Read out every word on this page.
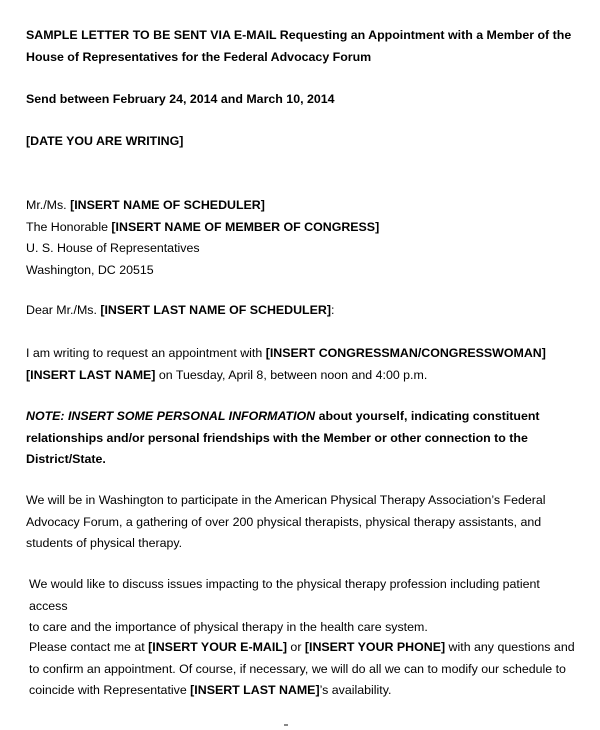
SAMPLE LETTER TO BE SENT VIA E-MAIL Requesting an Appointment with a Member of the
House of Representatives for the Federal Advocacy Forum
Send between February 24, 2014 and March 10, 2014
[DATE YOU ARE WRITING]
Mr./Ms. [INSERT NAME OF SCHEDULER]
The Honorable [INSERT NAME OF MEMBER OF CONGRESS]
U. S. House of Representatives
Washington, DC 20515
Dear Mr./Ms. [INSERT LAST NAME OF SCHEDULER]:
I am writing to request an appointment with [INSERT CONGRESSMAN/CONGRESSWOMAN]
[INSERT LAST NAME] on Tuesday, April 8, between noon and 4:00 p.m.
NOTE: INSERT SOME PERSONAL INFORMATION about yourself, indicating constituent
relationships and/or personal friendships with the Member or other connection to the
District/State.
We will be in Washington to participate in the American Physical Therapy Association’s Federal
Advocacy Forum, a gathering of over 200 physical therapists, physical therapy assistants, and
students of physical therapy.
We would like to discuss issues impacting to the physical therapy profession including patient access
to care and the importance of physical therapy in the health care system.
Please contact me at [INSERT YOUR E-MAIL] or [INSERT YOUR PHONE] with any questions and
to confirm an appointment. Of course, if necessary, we will do all we can to modify our schedule to
coincide with Representative [INSERT LAST NAME]’s availability.
